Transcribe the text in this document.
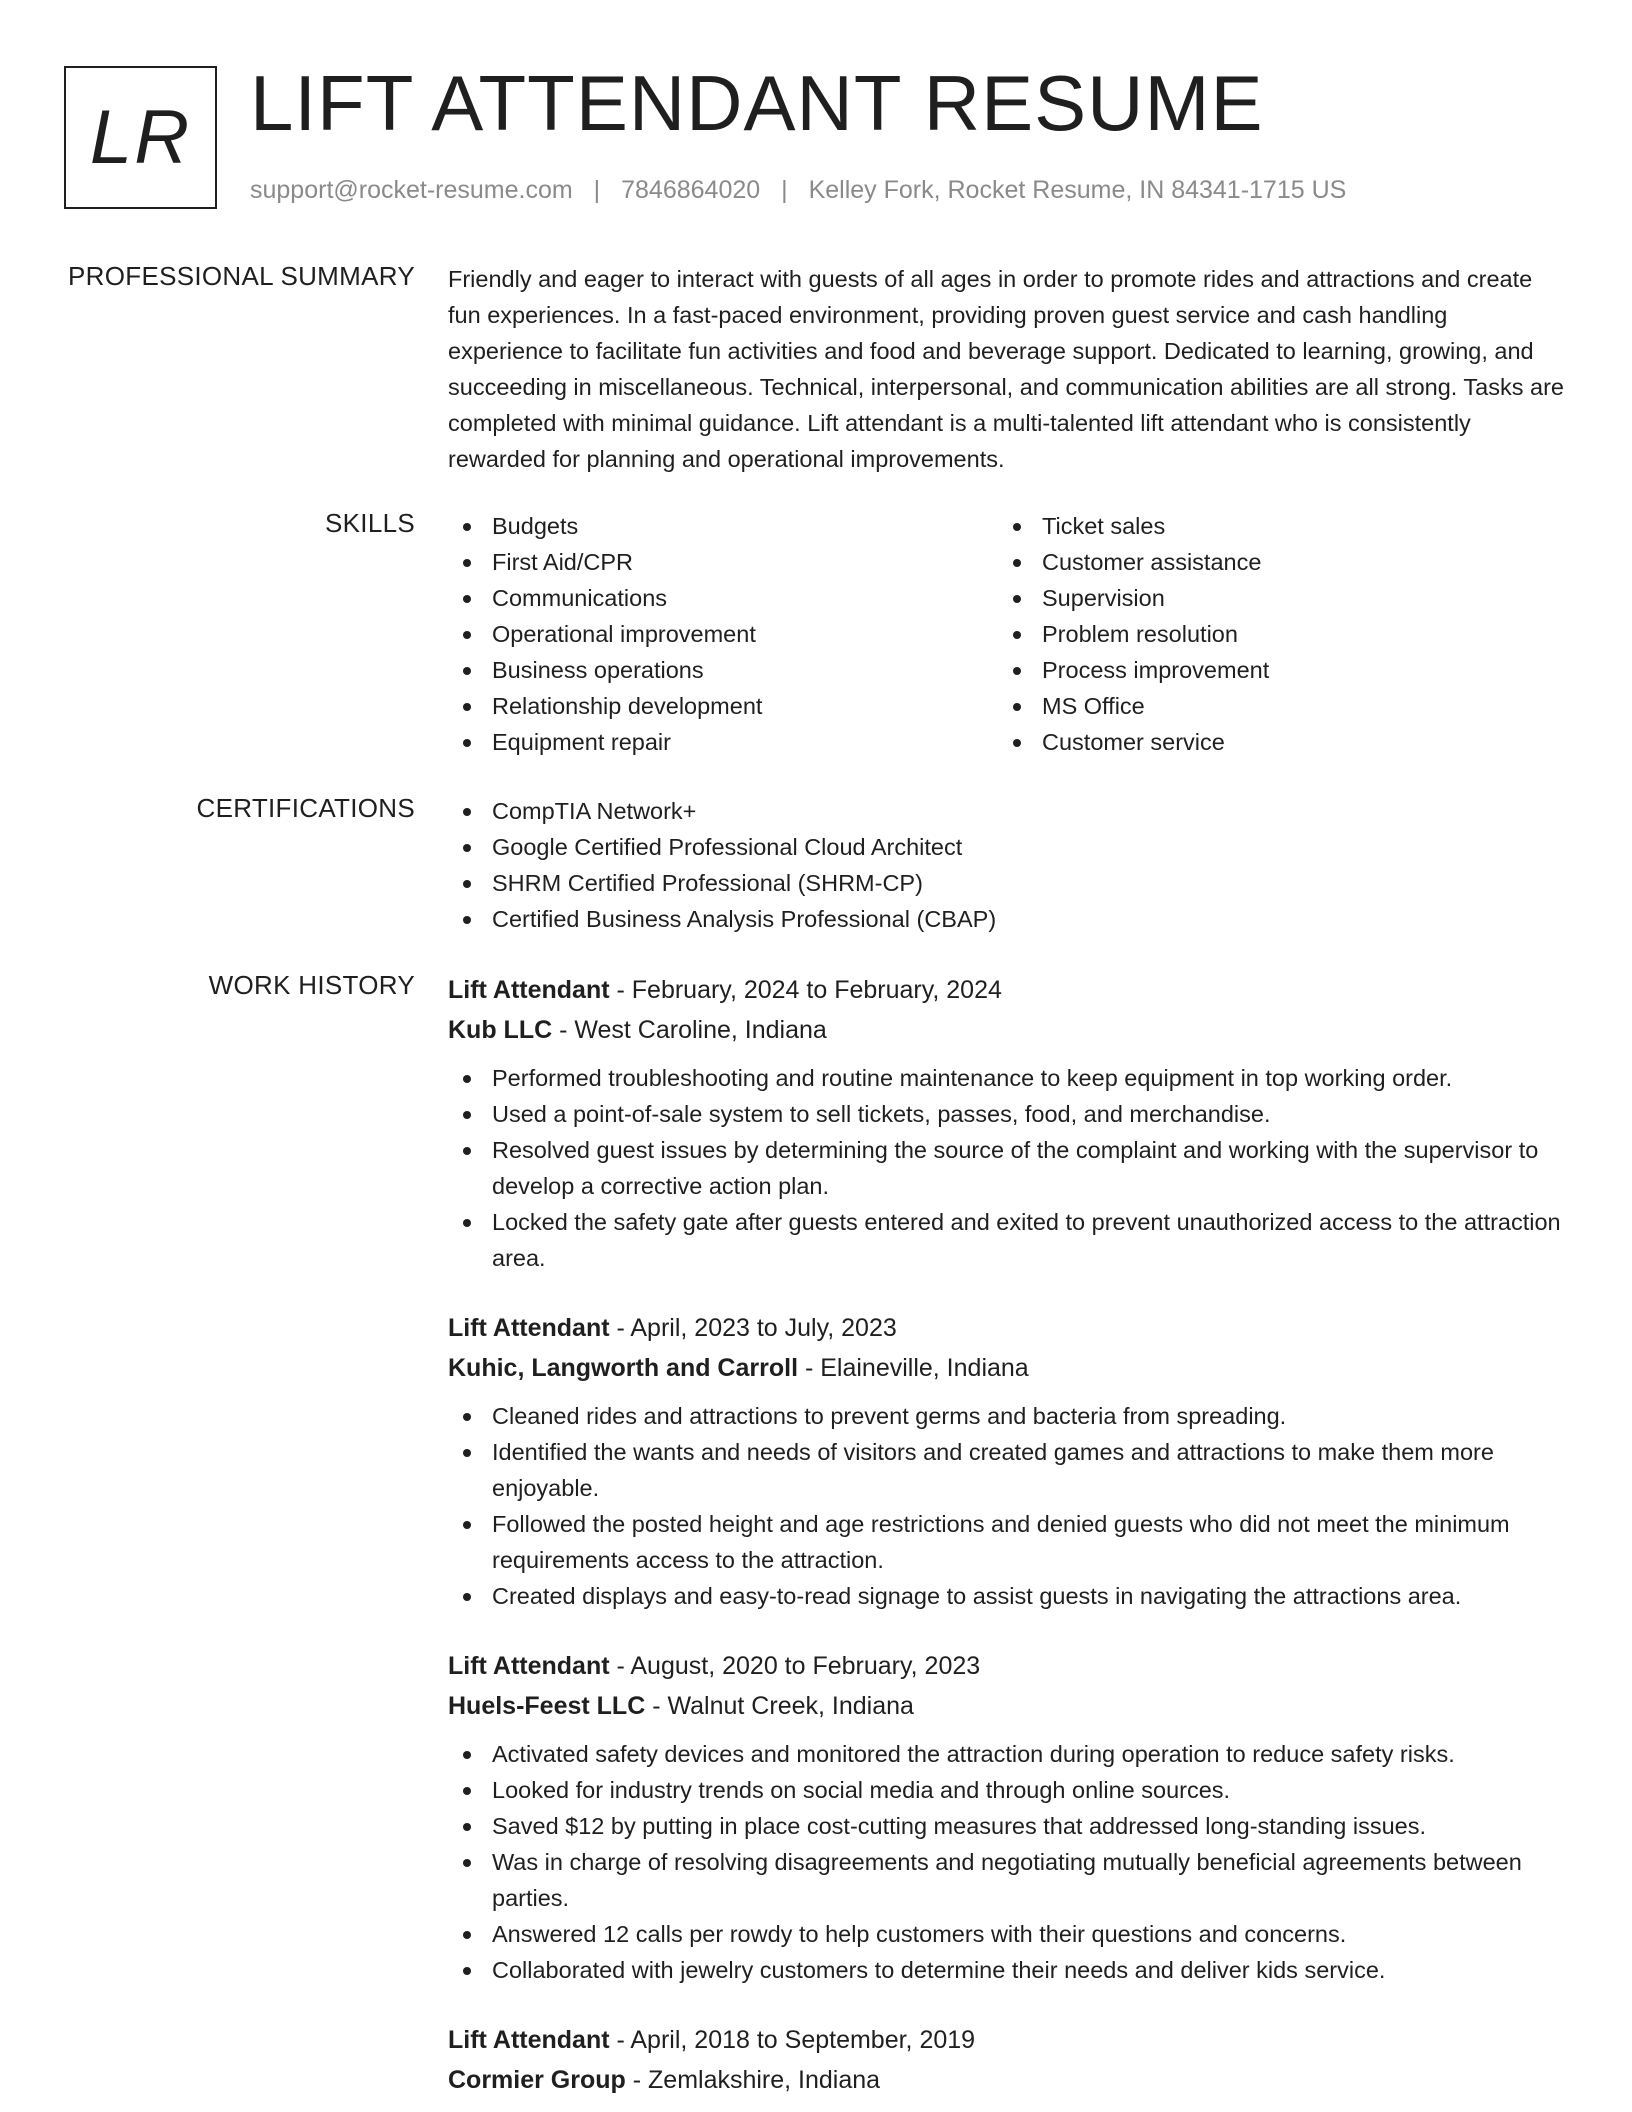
LR LIFT ATTENDANT RESUME
support@rocket-resume.com | 7846864020 | Kelley Fork, Rocket Resume, IN 84341-1715 US
PROFESSIONAL SUMMARY Friendly and eager to interact with guests of all ages in order to promote rides and attractions and create fun experiences. In a fast-paced environment, providing proven guest service and cash handling experience to facilitate fun activities and food and beverage support. Dedicated to learning, growing, and succeeding in miscellaneous. Technical, interpersonal, and communication abilities are all strong. Tasks are completed with minimal guidance. Lift attendant is a multi-talented lift attendant who is consistently rewarded for planning and operational improvements.
SKILLS	Budgets
First Aid/CPR
Communications
Operational improvement
Business operations
Relationship development
Equipment repair
Ticket sales
Customer assistance
Supervision
Problem resolution
Process improvement
MS Office
Customer service
CERTIFICATIONS	CompTIA Network+
Google Certified Professional Cloud Architect
SHRM Certified Professional (SHRM-CP)
Certified Business Analysis Professional (CBAP)
WORK HISTORY Lift Attendant - February, 2024 to February, 2024
Kub LLC - West Caroline, Indiana
Performed troubleshooting and routine maintenance to keep equipment in top working order.
Used a point-of-sale system to sell tickets, passes, food, and merchandise.
Resolved guest issues by determining the source of the complaint and working with the supervisor to develop a corrective action plan.
Locked the safety gate after guests entered and exited to prevent unauthorized access to the attraction area.
Lift Attendant - April, 2023 to July, 2023
Kuhic, Langworth and Carroll - Elaineville, Indiana
Cleaned rides and attractions to prevent germs and bacteria from spreading.
Identified the wants and needs of visitors and created games and attractions to make them more enjoyable.
Followed the posted height and age restrictions and denied guests who did not meet the minimum requirements access to the attraction.
Created displays and easy-to-read signage to assist guests in navigating the attractions area.
Lift Attendant - August, 2020 to February, 2023
Huels-Feest LLC - Walnut Creek, Indiana
Activated safety devices and monitored the attraction during operation to reduce safety risks.
Looked for industry trends on social media and through online sources.
Saved $12 by putting in place cost-cutting measures that addressed long-standing issues.
Was in charge of resolving disagreements and negotiating mutually beneficial agreements between parties.
Answered 12 calls per rowdy to help customers with their questions and concerns.
Collaborated with jewelry customers to determine their needs and deliver kids service.
Lift Attendant - April, 2018 to September, 2019
Cormier Group - Zemlakshire, Indiana
